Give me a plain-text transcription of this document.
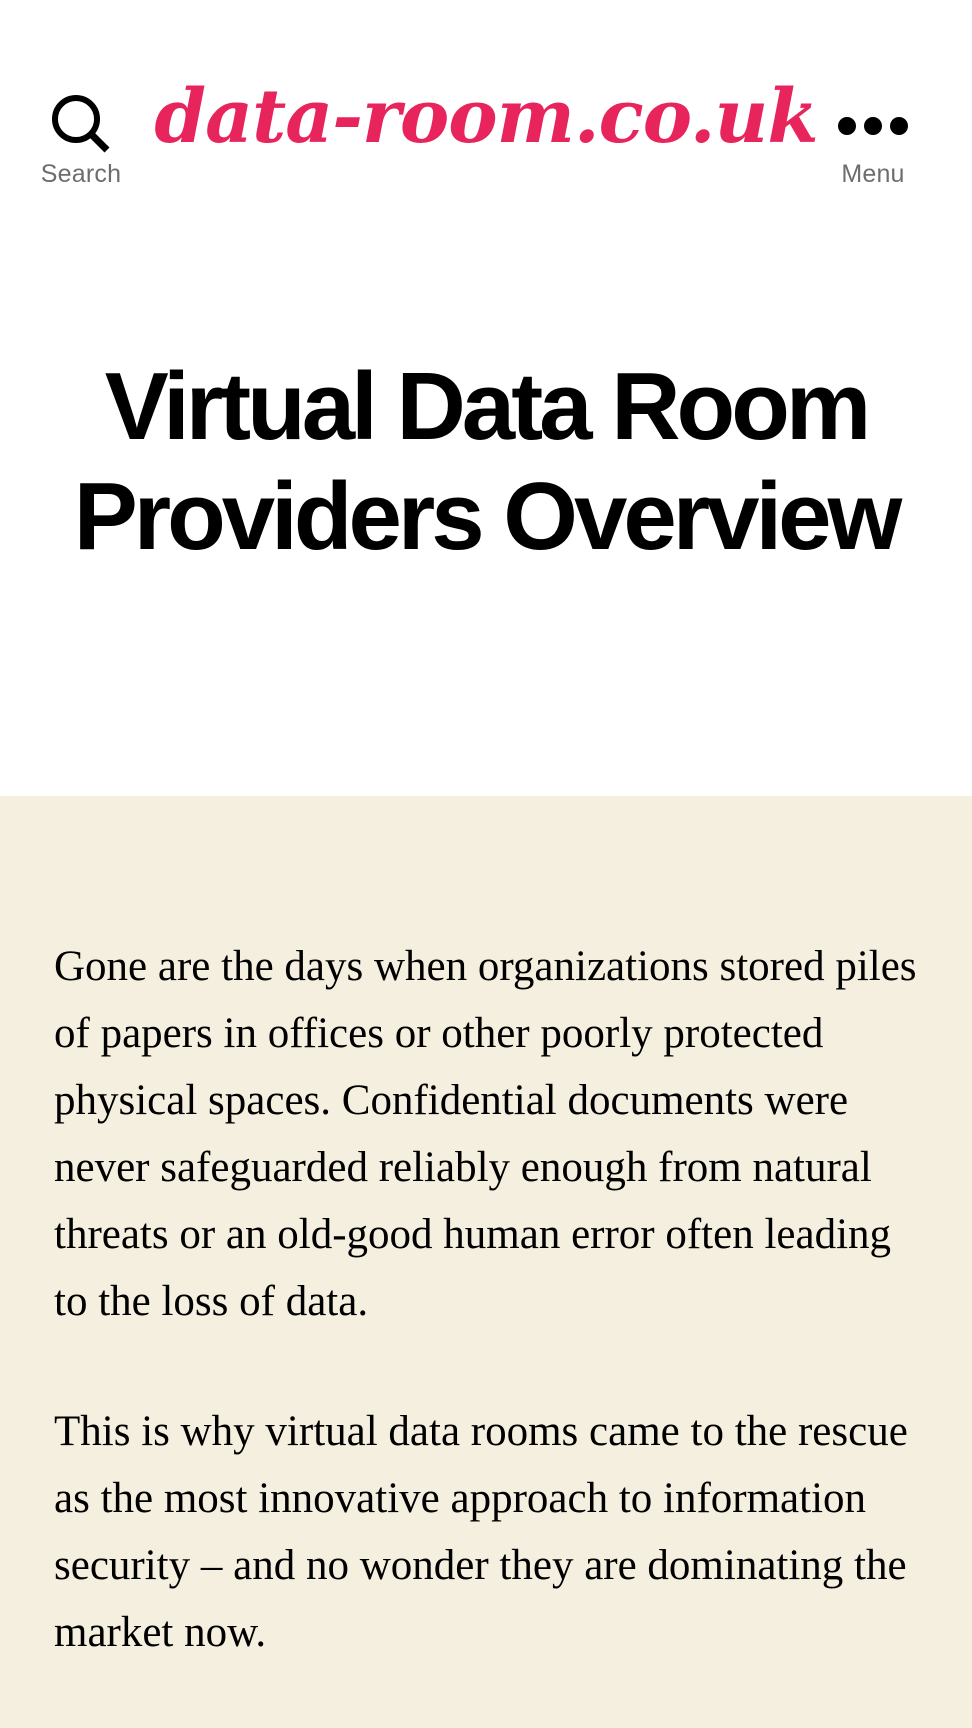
Search
data-room.co.uk
Menu
Virtual Data Room Providers Overview

Gone are the days when organizations stored piles of papers in offices or other poorly protected physical spaces. Confidential documents were never safeguarded reliably enough from natural threats or an old-good human error often leading to the loss of data.

This is why virtual data rooms came to the rescue as the most innovative approach to information security – and no wonder they are dominating the market now.
